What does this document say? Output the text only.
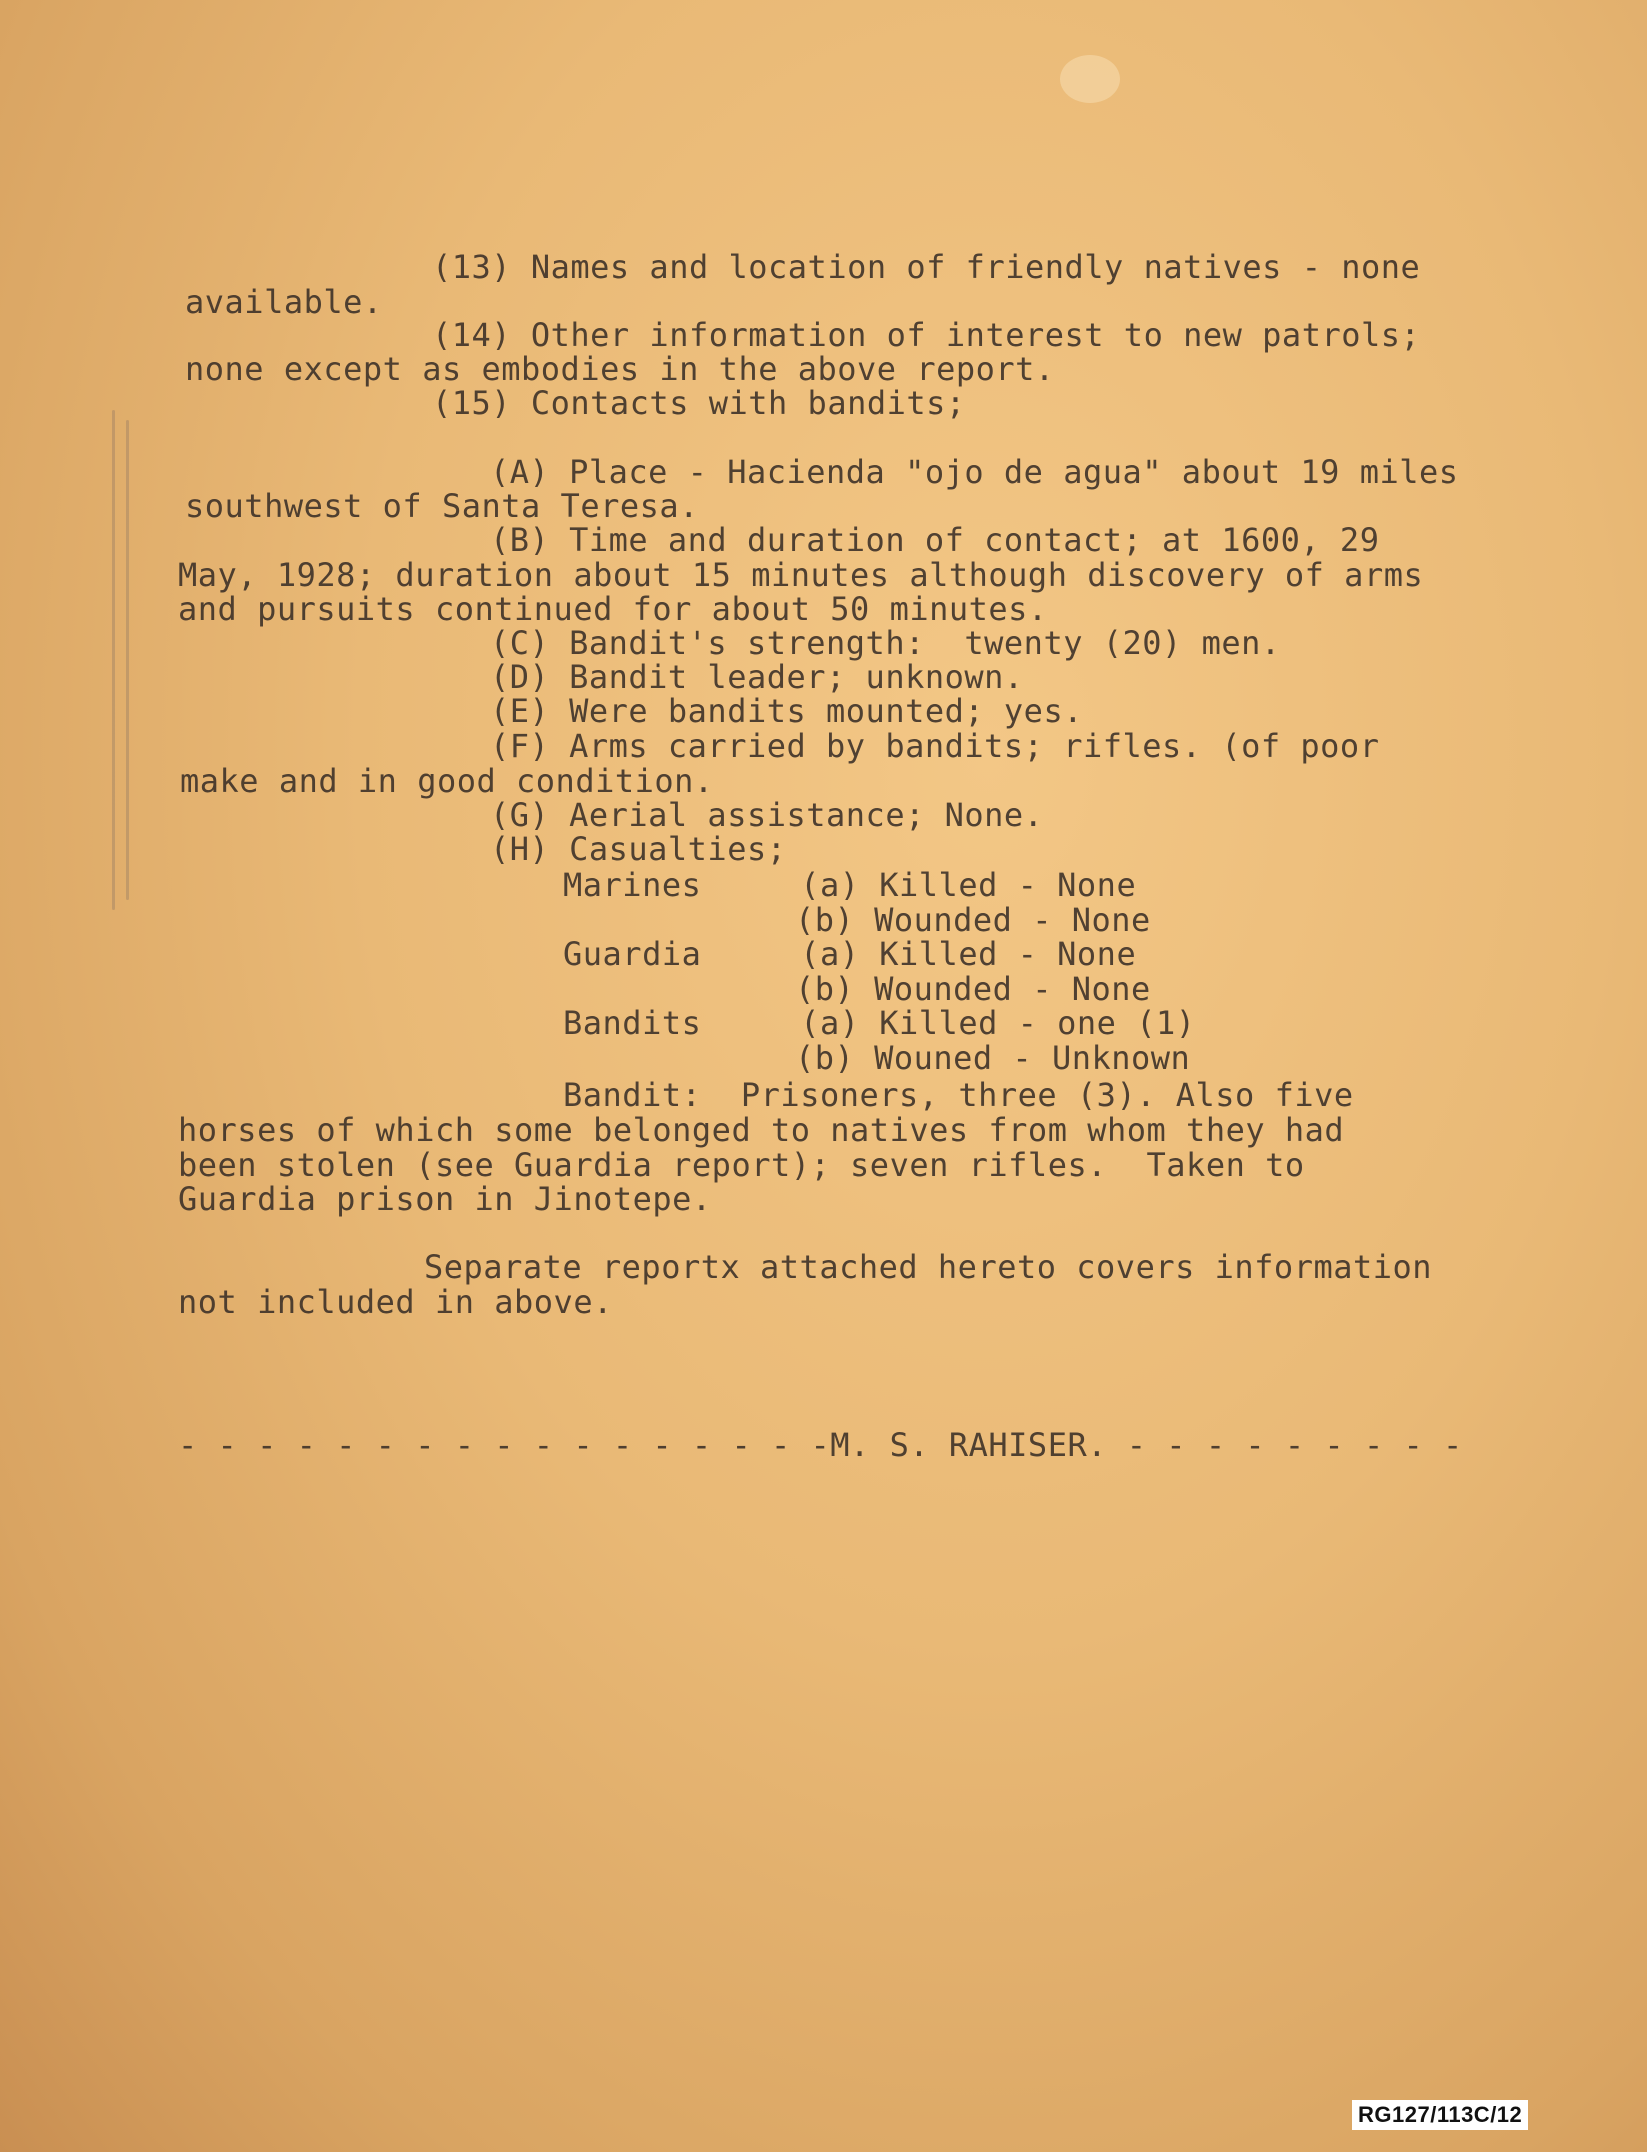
(13) Names and location of friendly natives - none
available.
(14) Other information of interest to new patrols;
none except as embodies in the above report.
(15) Contacts with bandits;
(A) Place - Hacienda "ojo de agua" about 19 miles
southwest of Santa Teresa.
(B) Time and duration of contact; at 1600, 29
May, 1928; duration about 15 minutes although discovery of arms
and pursuits continued for about 50 minutes.
(C) Bandit's strength:  twenty (20) men.
(D) Bandit leader; unknown.
(E) Were bandits mounted; yes.
(F) Arms carried by bandits; rifles. (of poor
make and in good condition.
(G) Aerial assistance; None.
(H) Casualties;
Marines     (a) Killed - None
(b) Wounded - None
Guardia     (a) Killed - None
(b) Wounded - None
Bandits     (a) Killed - one (1)
(b) Wouned - Unknown
Bandit:  Prisoners, three (3). Also five
horses of which some belonged to natives from whom they had
been stolen (see Guardia report); seven rifles.  Taken to
Guardia prison in Jinotepe.
Separate reportx attached hereto covers information
not included in above.
- - - - - - - - - - - - - - - - -M. S. RAHISER. - - - - - - - - -
RG127/113C/12
